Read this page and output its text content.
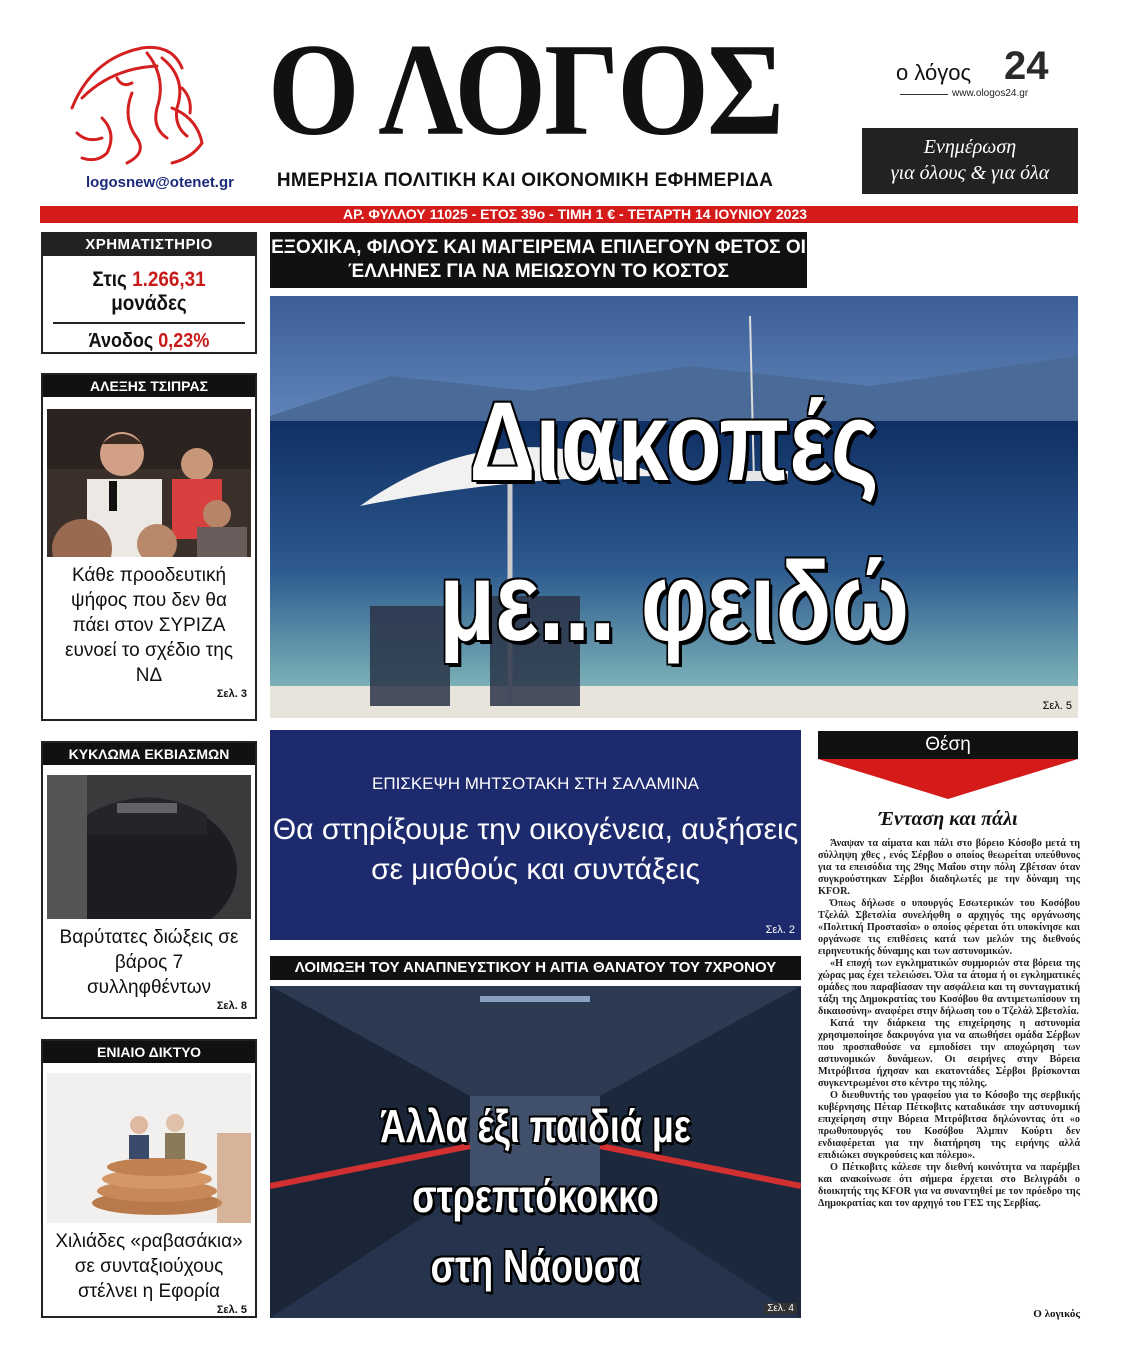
logosnew@otenet.gr
Ο ΛΟΓΟΣ
ΗΜΕΡΗΣΙΑ ΠΟΛΙΤΙΚΗ ΚΑΙ ΟΙΚΟΝΟΜΙΚΗ ΕΦΗΜΕΡΙΔΑ
ο λόγος 24
www.ologos24.gr
Ενημέρωση
για όλους & για όλα
ΑΡ. ΦΥΛΛΟΥ 11025 - ΕΤΟΣ 39ο - ΤΙΜΗ 1 € - ΤΕΤΑΡΤΗ 14 ΙΟΥΝΙΟΥ 2023
ΧΡΗΜΑΤΙΣΤΗΡΙΟ
Στις 1.266,31 μονάδες
Άνοδος 0,23%
ΑΛΕΞΗΣ ΤΣΙΠΡΑΣ
Κάθε προοδευτική ψήφος που δεν θα πάει στον ΣΥΡΙΖΑ ευνοεί το σχέδιο της ΝΔ
Σελ. 3
ΚΥΚΛΩΜΑ ΕΚΒΙΑΣΜΩΝ
Βαρύτατες διώξεις σε βάρος 7 συλληφθέντων
Σελ. 8
ΕΝΙΑΙΟ ΔΙΚΤΥΟ
Χιλιάδες «ραβασάκια» σε συνταξιούχους στέλνει η Εφορία
Σελ. 5
ΕΞΟΧΙΚΑ, ΦΙΛΟΥΣ ΚΑΙ ΜΑΓΕΙΡΕΜΑ ΕΠΙΛΕΓΟΥΝ ΦΕΤΟΣ ΟΙ ΈΛΛΗΝΕΣ ΓΙΑ ΝΑ ΜΕΙΩΣΟΥΝ ΤΟ ΚΟΣΤΟΣ
Διακοπές
με... φειδώ
Σελ. 5
ΕΠΙΣΚΕΨΗ ΜΗΤΣΟΤΑΚΗ ΣΤΗ ΣΑΛΑΜΙΝΑ
Θα στηρίξουμε την οικογένεια, αυξήσεις σε μισθούς και συντάξεις
Σελ. 2
ΛΟΙΜΩΞΗ ΤΟΥ ΑΝΑΠΝΕΥΣΤΙΚΟΥ Η ΑΙΤΙΑ ΘΑΝΑΤΟΥ ΤΟΥ 7ΧΡΟΝΟΥ
Άλλα έξι παιδιά με στρεπτόκοκκο
στη Νάουσα
Σελ. 4
Θέση
Ένταση και πάλι

Άναψαν τα αίματα και πάλι στο βόρειο Κόσοβο μετά τη σύλληψη χθες , ενός Σέρβου ο οποίος θεωρείται υπεύθυνος για τα επεισόδια της 29ης Μαΐου στην πόλη Ζβέτσαν όταν συγκρούστηκαν Σέρβοι διαδηλωτές με την δύναμη της KFOR.

Όπως δήλωσε ο υπουργός Εσωτερικών του Κοσόβου Τζελάλ Σβετσλία συνελήφθη ο αρχηγός της οργάνωσης «Πολιτική Προστασία» ο οποίος φέρεται ότι υποκίνησε και οργάνωσε τις επιθέσεις κατά των μελών της διεθνούς ειρηνευτικής δύναμης και των αστυνομικών.

«Η εποχή των εγκληματικών συμμοριών στα βόρεια της χώρας μας έχει τελειώσει. Όλα τα άτομα ή οι εγκληματικές ομάδες που παραβίασαν την ασφάλεια και τη συνταγματική τάξη της Δημοκρατίας του Κοσόβου θα αντιμετωπίσουν τη δικαιοσύνη» αναφέρει στην δήλωση του ο Τζελάλ Σβετσλία.

Κατά την διάρκεια της επιχείρησης η αστυνομία χρησιμοποίησε δακρυγόνα για να απωθήσει ομάδα Σέρβων που προσπαθούσε να εμποδίσει την αποχώρηση των αστυνομικών δυνάμεων. Οι σειρήνες στην Βόρεια Μιτρόβιτσα ήχησαν και εκατοντάδες Σέρβοι βρίσκονται συγκεντρωμένοι στο κέντρο της πόλης.

Ο διευθυντής του γραφείου για το Κόσοβο της σερβικής κυβέρνησης Πέταρ Πέτκοβιτς καταδικάσε την αστυνομική επιχείρηση στην Βόρεια Μιτρόβιτσα δηλώνοντας ότι «ο πρωθυπουργός του Κοσόβου Άλμπιν Κούρτι δεν ενδιαφέρεται για την διατήρηση της ειρήνης αλλά επιδιώκει συγκρούσεις και πόλεμο».

Ο Πέτκοβιτς κάλεσε την διεθνή κοινότητα να παρέμβει και ανακοίνωσε ότι σήμερα έρχεται στο Βελιγράδι ο διοικητής της KFOR για να συναντηθεί με τον πρόεδρο της Δημοκρατίας και τον αρχηγό του ΓΕΣ της Σερβίας.

Ο λογικός
